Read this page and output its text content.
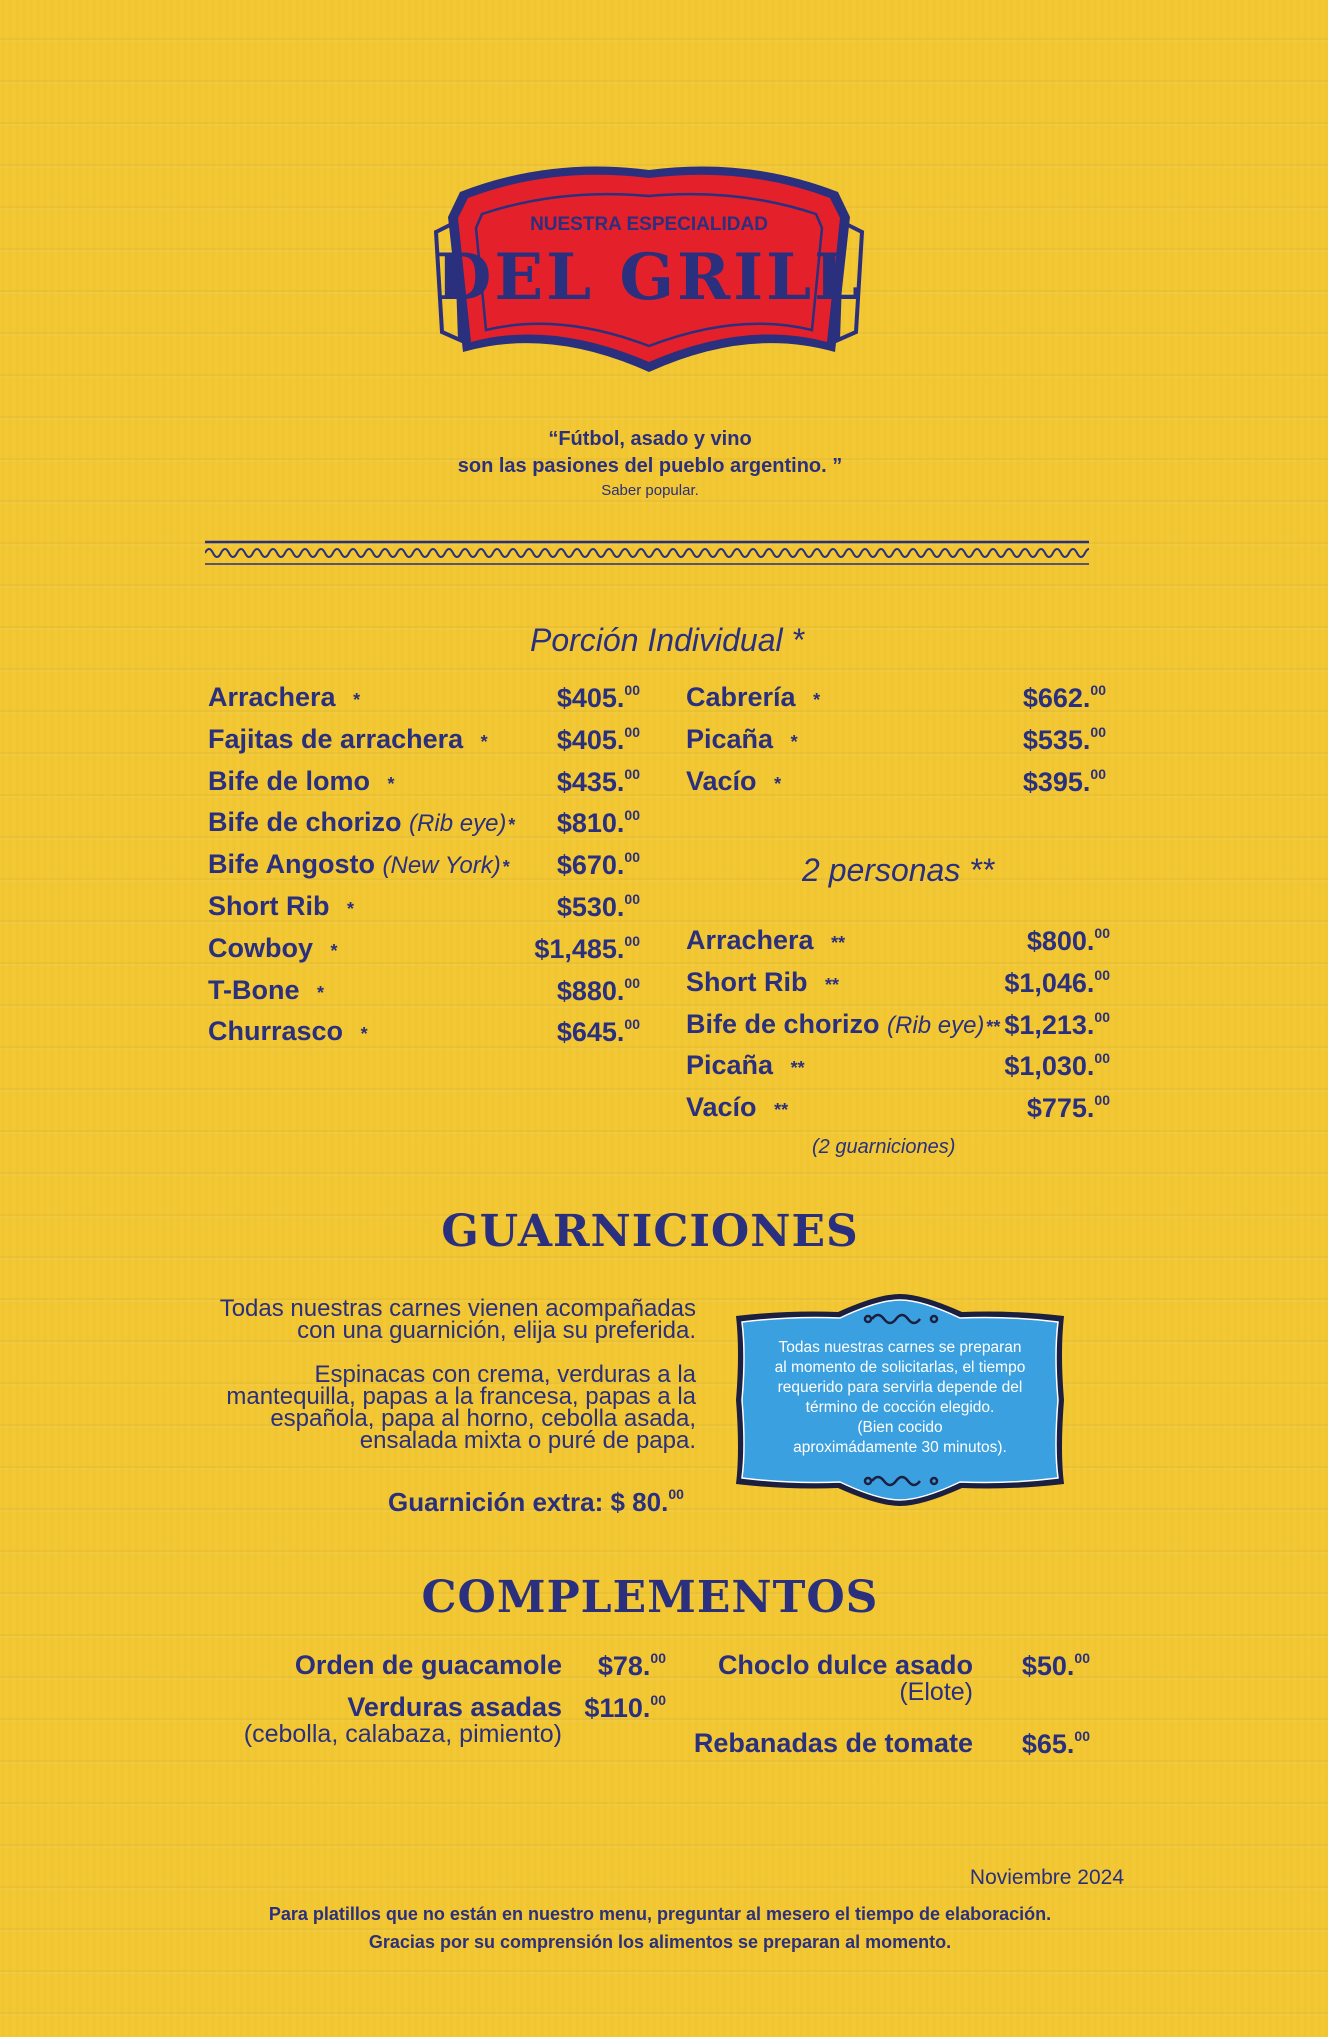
NUESTRA ESPECIALIDAD
DEL GRILL
“Fútbol, asado y vino
son las pasiones del pueblo argentino. ”
Saber popular.
Porción Individual *
Arrachera *	$405.00
Fajitas de arrachera *	$405.00
Bife de lomo *	$435.00
Bife de chorizo (Rib eye) *	$810.00
Bife Angosto (New York) *	$670.00
Short Rib *	$530.00
Cowboy *	$1,485.00
T-Bone *	$880.00
Churrasco *	$645.00
Cabrería *	$662.00
Picaña *	$535.00
Vacío *	$395.00
2 personas **
Arrachera **	$800.00
Short Rib **	$1,046.00
Bife de chorizo (Rib eye) ** $1,213.00
Picaña **	$1,030.00
Vacío **	$775.00
(2 guarniciones)
GUARNICIONES
Todas nuestras carnes vienen acompañadas
con una guarnición, elija su preferida.
Espinacas con crema, verduras a la
mantequilla, papas a la francesa, papas a la
española, papa al horno, cebolla asada,
ensalada mixta o puré de papa.
Guarnición extra: $ 80.00
Todas nuestras carnes se preparan
al momento de solicitarlas, el tiempo
requerido para servirla depende del
término de cocción elegido.
(Bien cocido
aproximádamente 30 minutos).
COMPLEMENTOS
Orden de guacamole	$78.00
Verduras asadas $110.00
(cebolla, calabaza, pimiento)
Choclo dulce asado	$50.00
(Elote)
Rebanadas de tomate	$65.00
Noviembre 2024
Para platillos que no están en nuestro menu, preguntar al mesero el tiempo de elaboración.
Gracias por su comprensión los alimentos se preparan al momento.
